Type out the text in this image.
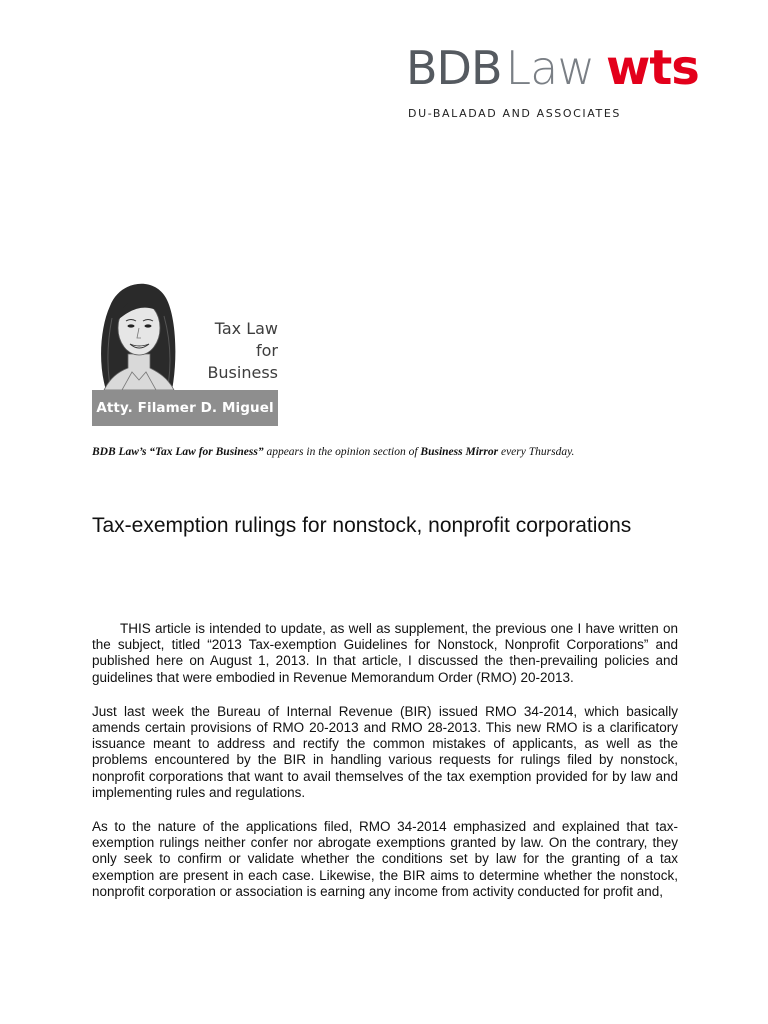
BDBLaw wts
DU-BALADAD AND ASSOCIATES
Tax Law
for
Business
Atty. Filamer D. Miguel
BDB Law’s “Tax Law for Business” appears in the opinion section of Business Mirror every Thursday.
Tax-exemption rulings for nonstock, nonprofit corporations

THIS article is intended to update, as well as supplement, the previous one I have written on the subject, titled “2013 Tax-exemption Guidelines for Nonstock, Nonprofit Corporations” and published here on August 1, 2013. In that article, I discussed the then-prevailing policies and guidelines that were embodied in Revenue Memorandum Order (RMO) 20-2013.

Just last week the Bureau of Internal Revenue (BIR) issued RMO 34-2014, which basically amends certain provisions of RMO 20-2013 and RMO 28-2013. This new RMO is a clarificatory issuance meant to address and rectify the common mistakes of applicants, as well as the problems encountered by the BIR in handling various requests for rulings filed by nonstock, nonprofit corporations that want to avail themselves of the tax exemption provided for by law and implementing rules and regulations.

As to the nature of the applications filed, RMO 34-2014 emphasized and explained that tax-exemption rulings neither confer nor abrogate exemptions granted by law. On the contrary, they only seek to confirm or validate whether the conditions set by law for the granting of a tax exemption are present in each case. Likewise, the BIR aims to determine whether the nonstock, nonprofit corporation or association is earning any income from activity conducted for profit and,
